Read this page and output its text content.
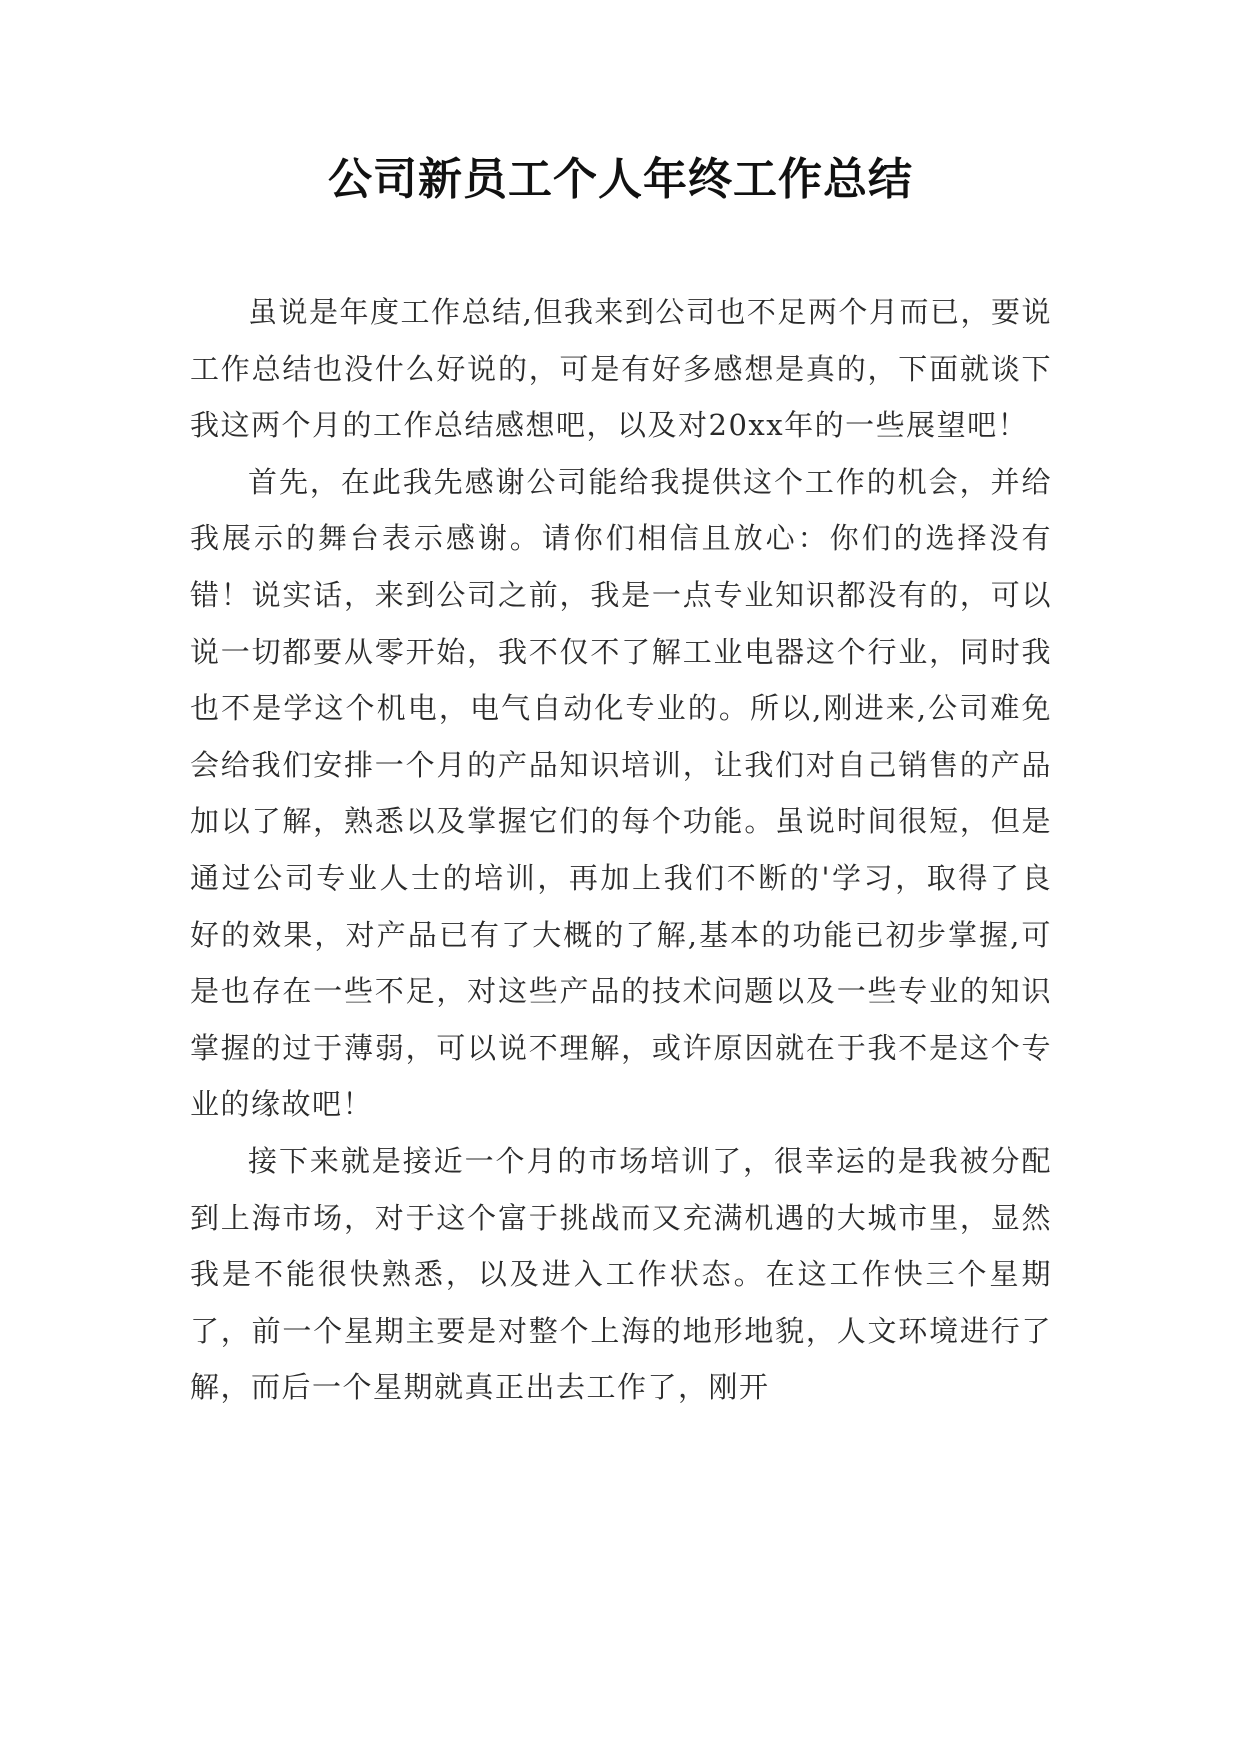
公司新员工个人年终工作总结

虽说是年度工作总结,但我来到公司也不足两个月而已，要说工作总结也没什么好说的，可是有好多感想是真的，下面就谈下我这两个月的工作总结感想吧，以及对20xx年的一些展望吧！

首先，在此我先感谢公司能给我提供这个工作的机会，并给我展示的舞台表示感谢。请你们相信且放心：你们的选择没有错！说实话，来到公司之前，我是一点专业知识都没有的，可以说一切都要从零开始，我不仅不了解工业电器这个行业，同时我也不是学这个机电，电气自动化专业的。所以,刚进来,公司难免会给我们安排一个月的产品知识培训，让我们对自己销售的产品加以了解，熟悉以及掌握它们的每个功能。虽说时间很短，但是通过公司专业人士的培训，再加上我们不断的'学习，取得了良好的效果，对产品已有了大概的了解,基本的功能已初步掌握,可是也存在一些不足，对这些产品的技术问题以及一些专业的知识掌握的过于薄弱，可以说不理解，或许原因就在于我不是这个专业的缘故吧！

接下来就是接近一个月的市场培训了，很幸运的是我被分配到上海市场，对于这个富于挑战而又充满机遇的大城市里，显然我是不能很快熟悉，以及进入工作状态。在这工作快三个星期了，前一个星期主要是对整个上海的地形地貌，人文环境进行了解，而后一个星期就真正出去工作了，刚开
